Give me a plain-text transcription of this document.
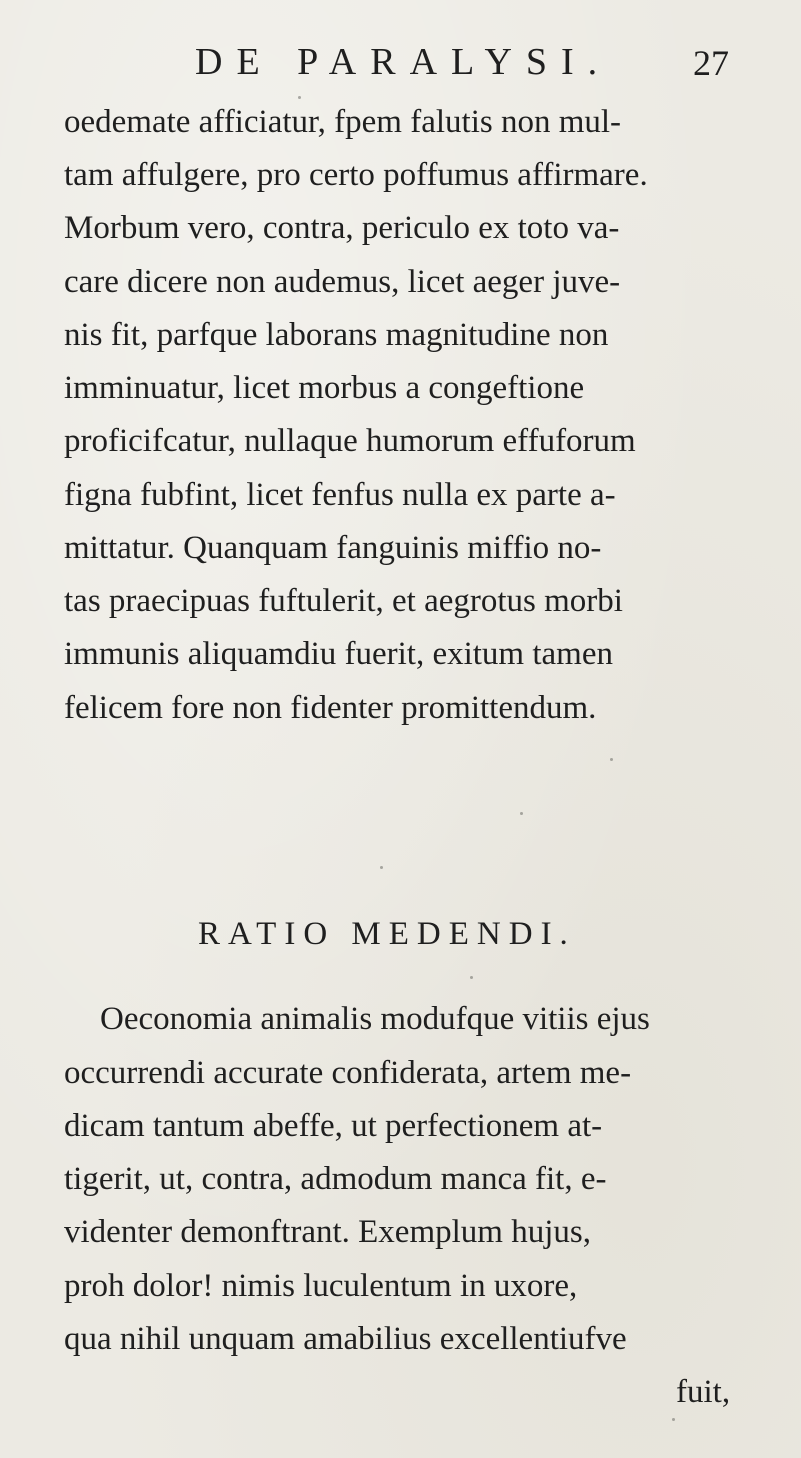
DE PARALYSI. 27
oedemate afficiatur, fpem falutis non mul-
tam affulgere, pro certo poffumus affirmare.
Morbum vero, contra, periculo ex toto va-
care dicere non audemus, licet aeger juve-
nis fit, parfque laborans magnitudine non
imminuatur, licet morbus a congeftione
proficifcatur, nullaque humorum effuforum
figna fubfint, licet fenfus nulla ex parte a-
mittatur. Quanquam fanguinis miffio no-
tas praecipuas fuftulerit, et aegrotus morbi
immunis aliquamdiu fuerit, exitum tamen
felicem fore non fidenter promittendum.
RATIO MEDENDI.
Oeconomia animalis modufque vitiis ejus
occurrendi accurate confiderata, artem me-
dicam tantum abeffe, ut perfectionem at-
tigerit, ut, contra, admodum manca fit, e-
videnter demonftrant. Exemplum hujus,
proh dolor! nimis luculentum in uxore,
qua nihil unquam amabilius excellentiufve
fuit,
